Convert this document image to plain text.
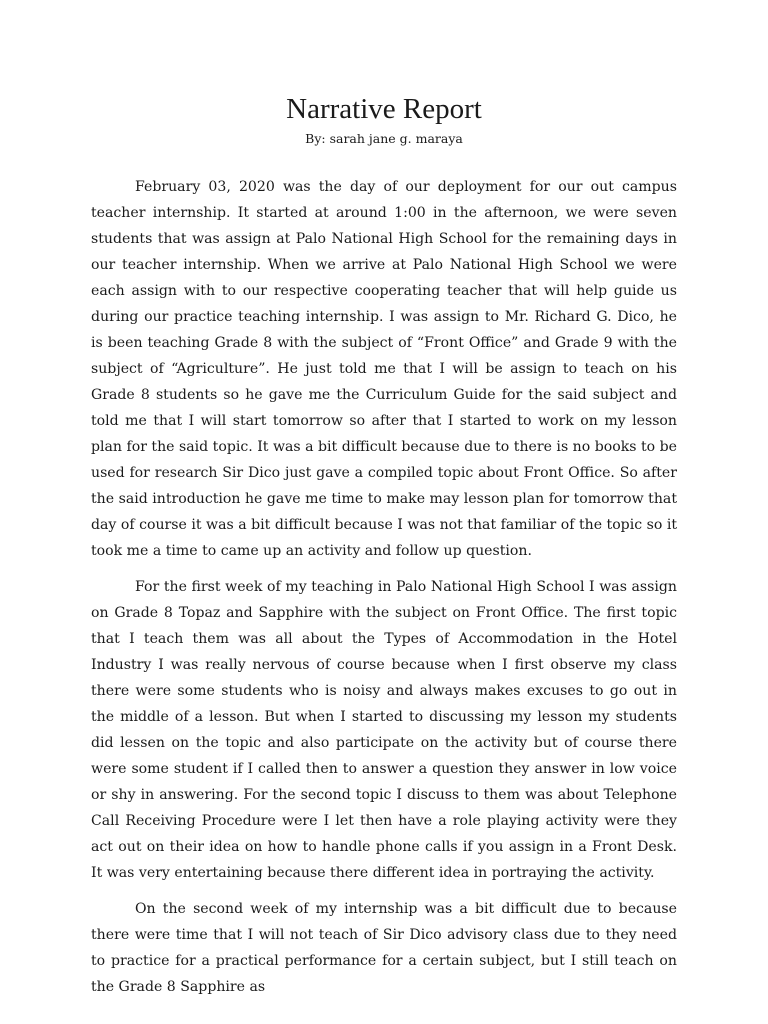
Narrative Report

By: sarah jane g. maraya

February 03, 2020 was the day of our deployment for our out campus teacher internship. It started at around 1:00 in the afternoon, we were seven students that was assign at Palo National High School for the remaining days in our teacher internship. When we arrive at Palo National High School we were each assign with to our respective cooperating teacher that will help guide us during our practice teaching internship. I was assign to Mr. Richard G. Dico, he is been teaching Grade 8 with the subject of “Front Office” and Grade 9 with the subject of “Agriculture”. He just told me that I will be assign to teach on his Grade 8 students so he gave me the Curriculum Guide for the said subject and told me that I will start tomorrow so after that I started to work on my lesson plan for the said topic. It was a bit difficult because due to there is no books to be used for research Sir Dico just gave a compiled topic about Front Office. So after the said introduction he gave me time to make may lesson plan for tomorrow that day of course it was a bit difficult because I was not that familiar of the topic so it took me a time to came up an activity and follow up question.

For the first week of my teaching in Palo National High School I was assign on Grade 8 Topaz and Sapphire with the subject on Front Office. The first topic that I teach them was all about the Types of Accommodation in the Hotel Industry I was really nervous of course because when I first observe my class there were some students who is noisy and always makes excuses to go out in the middle of a lesson. But when I started to discussing my lesson my students did lessen on the topic and also participate on the activity but of course there were some student if I called then to answer a question they answer in low voice or shy in answering. For the second topic I discuss to them was about Telephone Call Receiving Procedure were I let then have a role playing activity were they act out on their idea on how to handle phone calls if you assign in a Front Desk. It was very entertaining because there different idea in portraying the activity.

On the second week of my internship was a bit difficult due to because there were time that I will not teach of Sir Dico advisory class due to they need to practice for a practical performance for a certain subject, but I still teach on the Grade 8 Sapphire as
